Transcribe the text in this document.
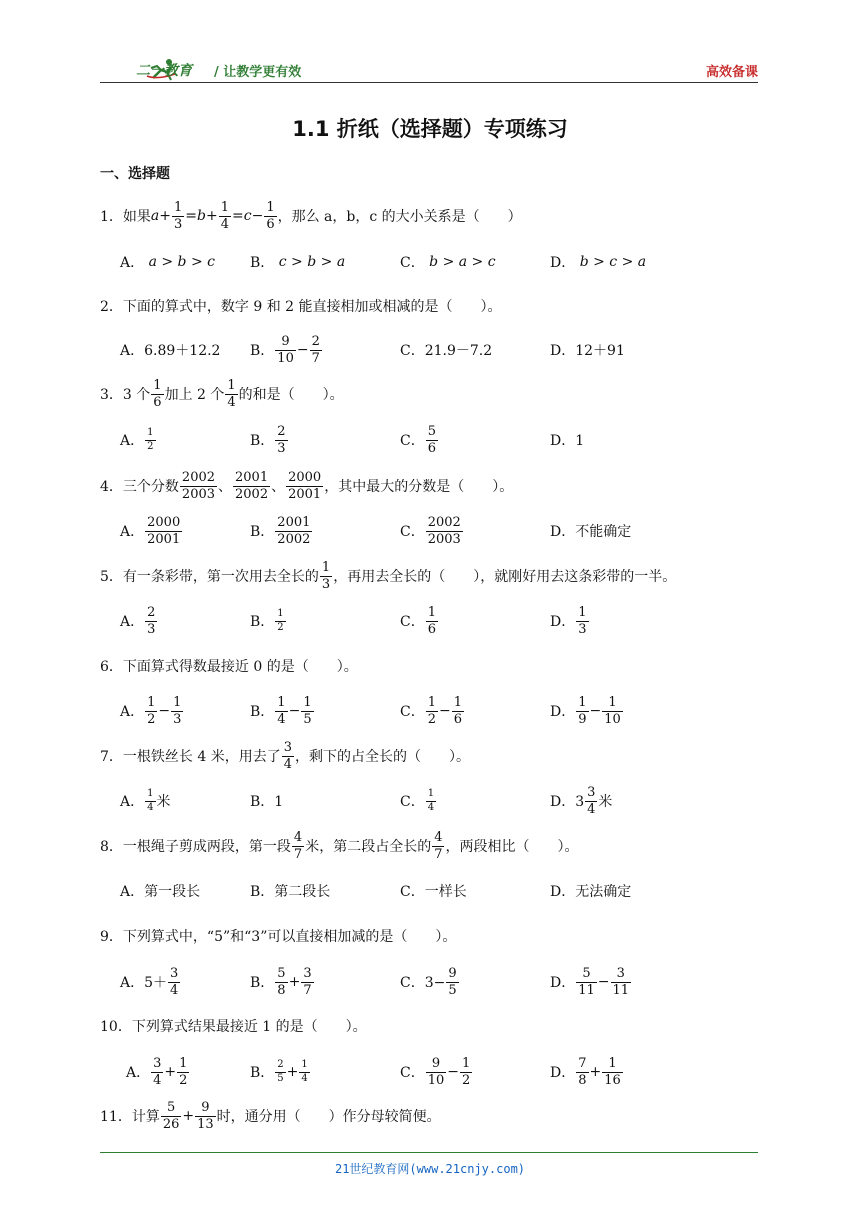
二一教育 / 让教学更有效	高效备课
1.1 折纸（选择题）专项练习
一、选择题
1． 如果 $a + \frac{1}{3} = b + \frac{1}{4} = c - \frac{1}{6}$ ，那么 a，b，c 的大小关系是（　　）
A．
a > b > c	B．
c > b > a	C．
b > a > c	D．
b > c > a
2．下面的算式中，数字 9 和 2 能直接相加或相减的是（　　）。
A．6.89＋12.2 B． $\frac{9}{10} - \frac{2}{7}$	C．21.9－7.2	D．12＋91
3． 3 个 $\frac{1}{6}$ 加上 2 个 $\frac{1}{4}$ 的和是（　　）。
A． $\frac{1}{2}$	B． $\frac{2}{3}$	C． $\frac{5}{6}$	D．1
4． 三个分数 $\frac{2002}{2003}$ 、 $\frac{2001}{2002}$ 、 $\frac{2000}{2001}$ ，其中最大的分数是（　　）。
A． $\frac{2000}{2001}$	B． $\frac{2001}{2002}$	C． $\frac{2002}{2003}$	D．不能确定
5． 有一条彩带，第一次用去全长的 $\frac{1}{3}$ ，再用去全长的（　　），就刚好用去这条彩带的一半。
A． $\frac{2}{3}$	B． $\frac{1}{2}$	C． $\frac{1}{6}$	D． $\frac{1}{3}$
6．下面算式得数最接近 0 的是（　　）。
A． $\frac{1}{2} - \frac{1}{3}$	B． $\frac{1}{4} - \frac{1}{5}$	C． $\frac{1}{2} - \frac{1}{6}$	D． $\frac{1}{9} - \frac{1}{10}$
7． 一根铁丝长 4 米，用去了 $\frac{3}{4}$ ，剩下的占全长的（　　）。
A． $\frac{1}{4}$ 米	B．1	C． $\frac{1}{4}$	D．$3 \frac{3}{4}$ 米
8． 一根绳子剪成两段，第一段 $\frac{4}{7}$ 米，第二段占全长的 $\frac{4}{7}$ ，两段相比（　　）。
A．第一段长	B．第二段长	C．一样长	D．无法确定
9．下列算式中，“5”和“3”可以直接相加减的是（　　）。
A．$5+ \frac{3}{4}$	B． $\frac{5}{8} + \frac{3}{7}$	C．$3- \frac{9}{5}$	D． $\frac{5}{11} - \frac{3}{11}$
10．下列算式结果最接近 1 的是（　　）。
A． $\frac{3}{4} + \frac{1}{2}$	B． $\frac{2}{5} + \frac{1}{4}$	C． $\frac{9}{10} - \frac{1}{2}$	D． $\frac{7}{8} + \frac{1}{16}$
11． 计算 $\frac{5}{26} + \frac{9}{13}$ 时，通分用（　　）作分母较简便。
21世纪教育网(www.21cnjy.com)
